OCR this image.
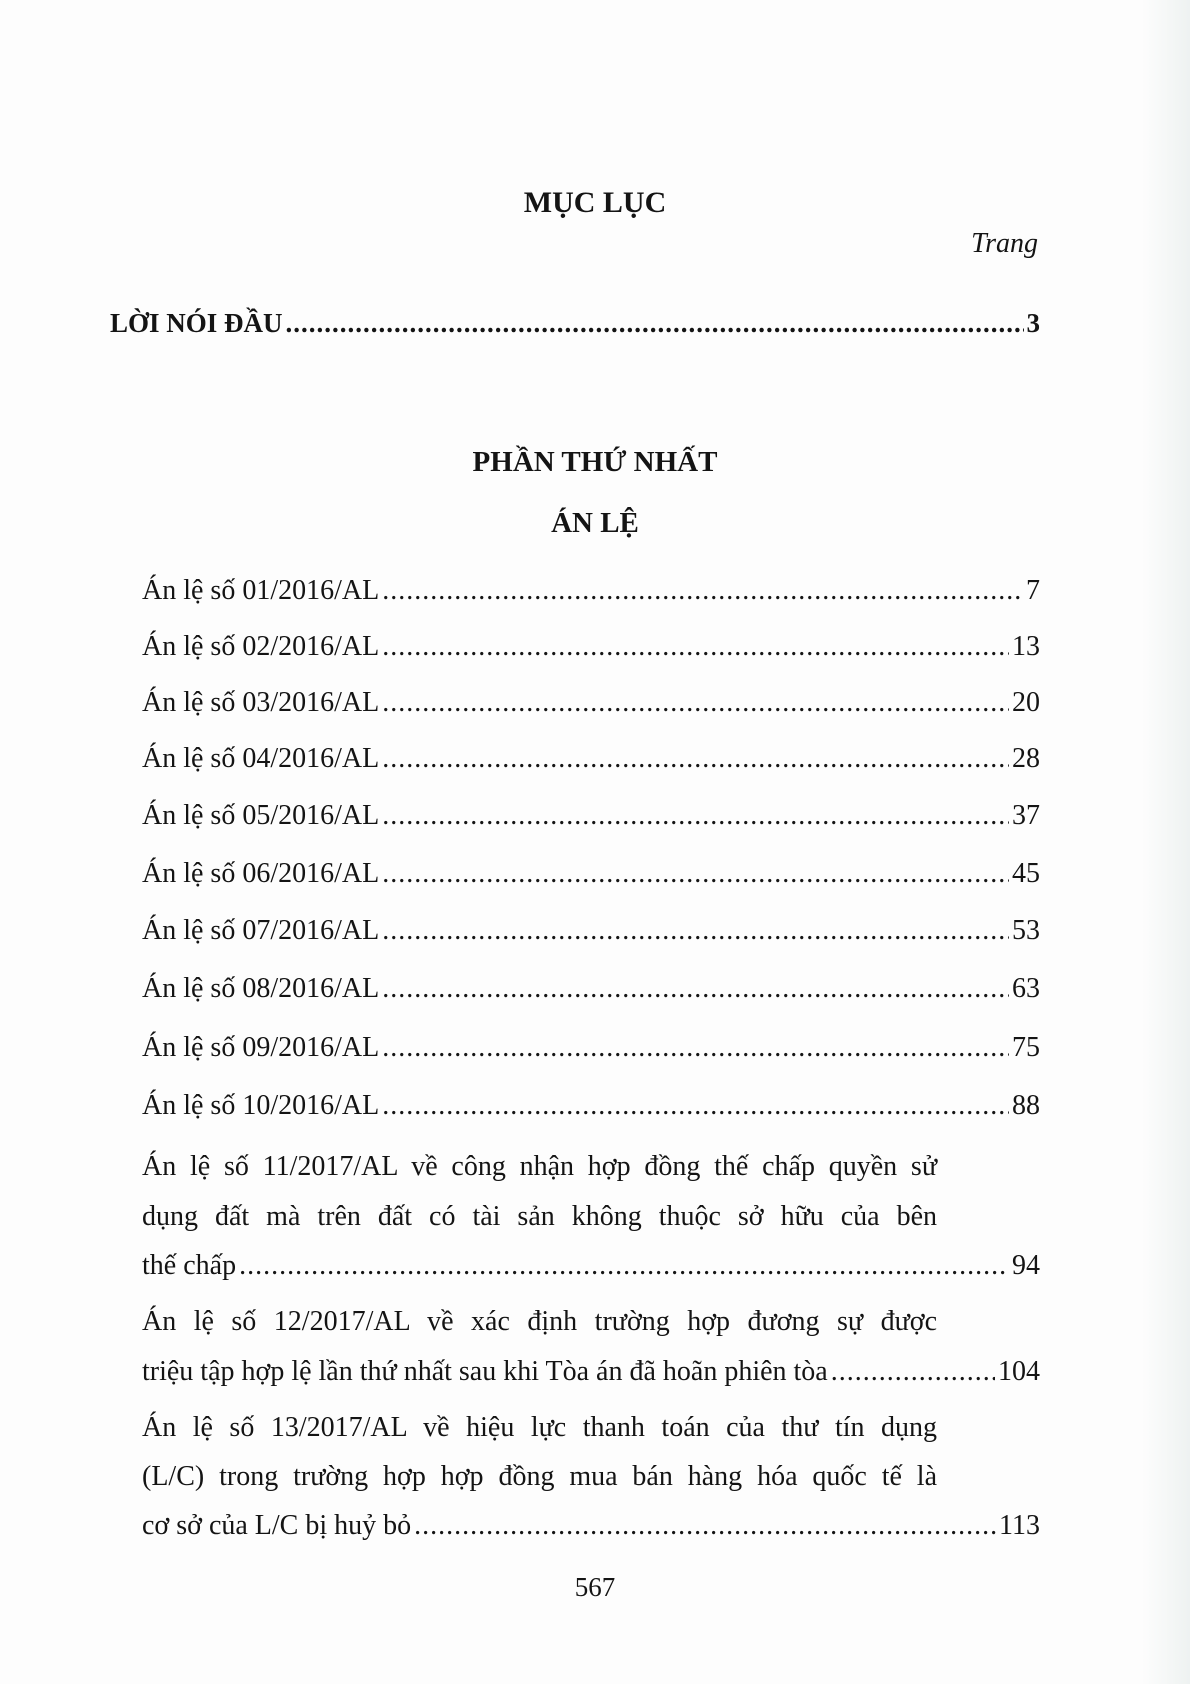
MỤC LỤC
Trang
LỜI NÓI ĐẦU .....	3
PHẦN THỨ NHẤT
ÁN LỆ
Án lệ số 01/2016/AL .....	7
Án lệ số 02/2016/AL .....	13
Án lệ số 03/2016/AL .....	20
Án lệ số 04/2016/AL .....	28
Án lệ số 05/2016/AL .....	37
Án lệ số 06/2016/AL .....	45
Án lệ số 07/2016/AL .....	53
Án lệ số 08/2016/AL .....	63
Án lệ số 09/2016/AL .....	75
Án lệ số 10/2016/AL .....	88
Án lệ số 11/2017/AL về công nhận hợp đồng thế chấp quyền sử
dụng đất mà trên đất có tài sản không thuộc sở hữu của bên
thế chấp .....	94
Án lệ số 12/2017/AL về xác định trường hợp đương sự được
triệu tập hợp lệ lần thứ nhất sau khi Tòa án đã hoãn phiên tòa .....	104
Án lệ số 13/2017/AL về hiệu lực thanh toán của thư tín dụng
(L/C) trong trường hợp hợp đồng mua bán hàng hóa quốc tế là
cơ sở của L/C bị huỷ bỏ .....	113
567
